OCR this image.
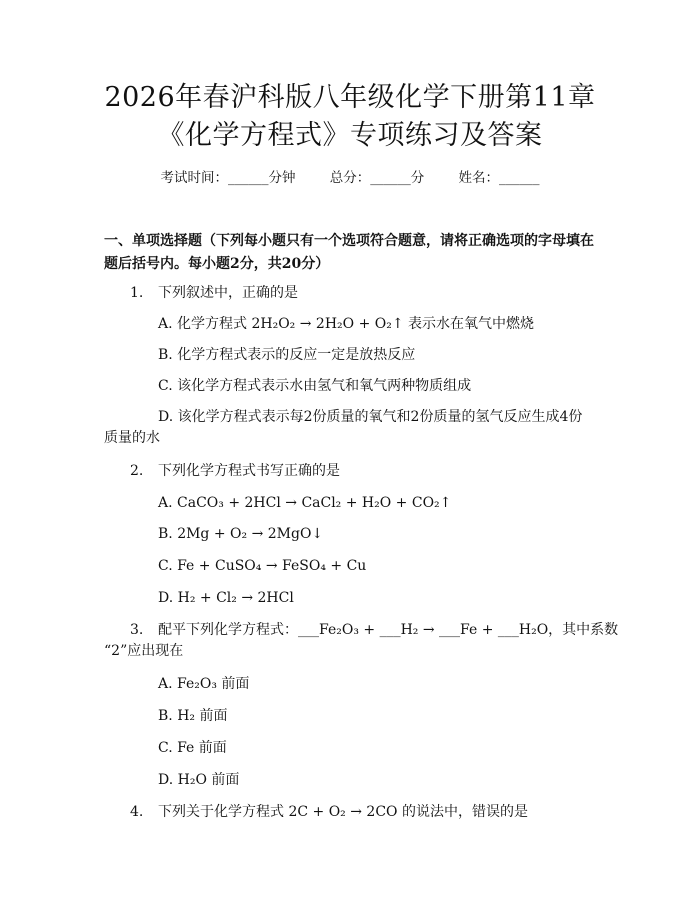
2026年春沪科版八年级化学下册第11章
《化学方程式》专项练习及答案
考试时间：______分钟	总分：______分	姓名：______
一、单项选择题（下列每小题只有一个选项符合题意，请将正确选项的字母填在
题后括号内。每小题2分，共20分）
1. 下列叙述中，正确的是
A. 化学方程式 2H₂O₂ → 2H₂O + O₂↑ 表示水在氧气中燃烧
B. 化学方程式表示的反应一定是放热反应
C. 该化学方程式表示水由氢气和氧气两种物质组成
D. 该化学方程式表示每2份质量的氧气和2份质量的氢气反应生成4份
质量的水
2. 下列化学方程式书写正确的是
A. CaCO₃ + 2HCl → CaCl₂ + H₂O + CO₂↑
B. 2Mg + O₂ → 2MgO↓
C. Fe + CuSO₄ → FeSO₄ + Cu
D. H₂ + Cl₂ → 2HCl
3. 配平下列化学方程式：___Fe₂O₃ + ___H₂ → ___Fe + ___H₂O，其中系数
“2”应出现在
A. Fe₂O₃ 前面
B. H₂ 前面
C. Fe 前面
D. H₂O 前面
4. 下列关于化学方程式 2C + O₂ → 2CO 的说法中，错误的是
